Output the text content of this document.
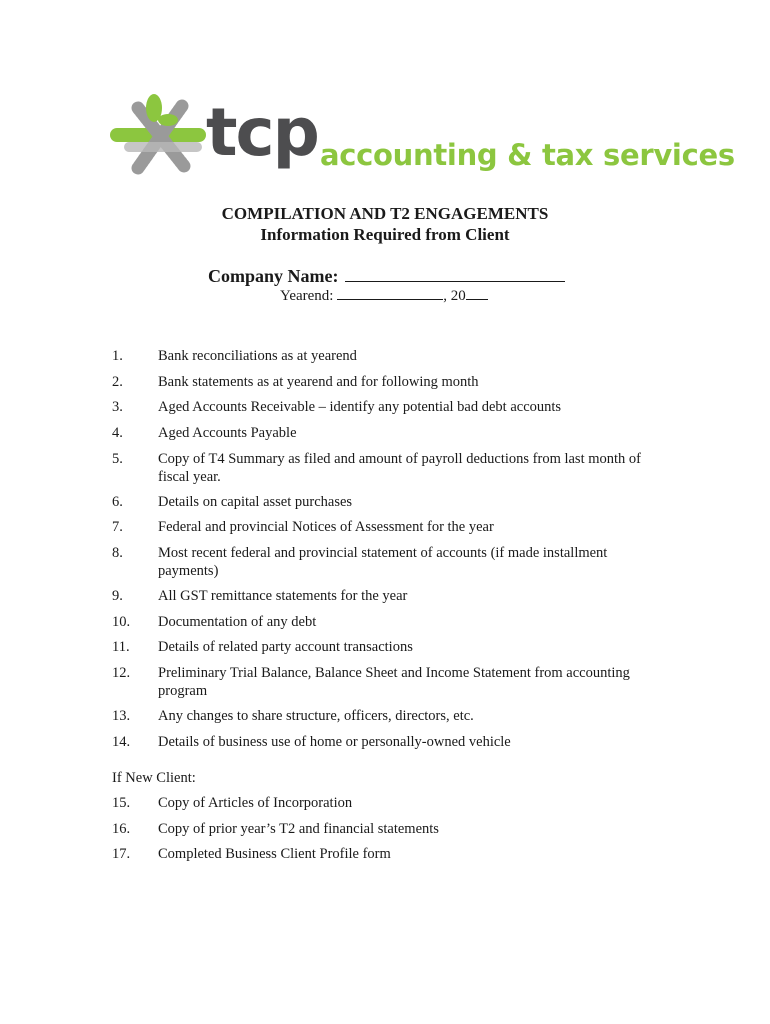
tcp accounting & tax services
COMPILATION AND T2 ENGAGEMENTS
Information Required from Client
Company Name:
Yearend:	, 20
1. Bank reconciliations as at yearend
2. Bank statements as at yearend and for following month
3. Aged Accounts Receivable – identify any potential bad debt accounts
4. Aged Accounts Payable
5. Copy of T4 Summary as filed and amount of payroll deductions from last month of fiscal year.
6. Details on capital asset purchases
7. Federal and provincial Notices of Assessment for the year
8. Most recent federal and provincial statement of accounts (if made installment payments)
9. All GST remittance statements for the year
10. Documentation of any debt
11. Details of related party account transactions
12. Preliminary Trial Balance, Balance Sheet and Income Statement from accounting program
13. Any changes to share structure, officers, directors, etc.
14. Details of business use of home or personally-owned vehicle
If New Client:
15. Copy of Articles of Incorporation
16. Copy of prior year’s T2 and financial statements
17. Completed Business Client Profile form
